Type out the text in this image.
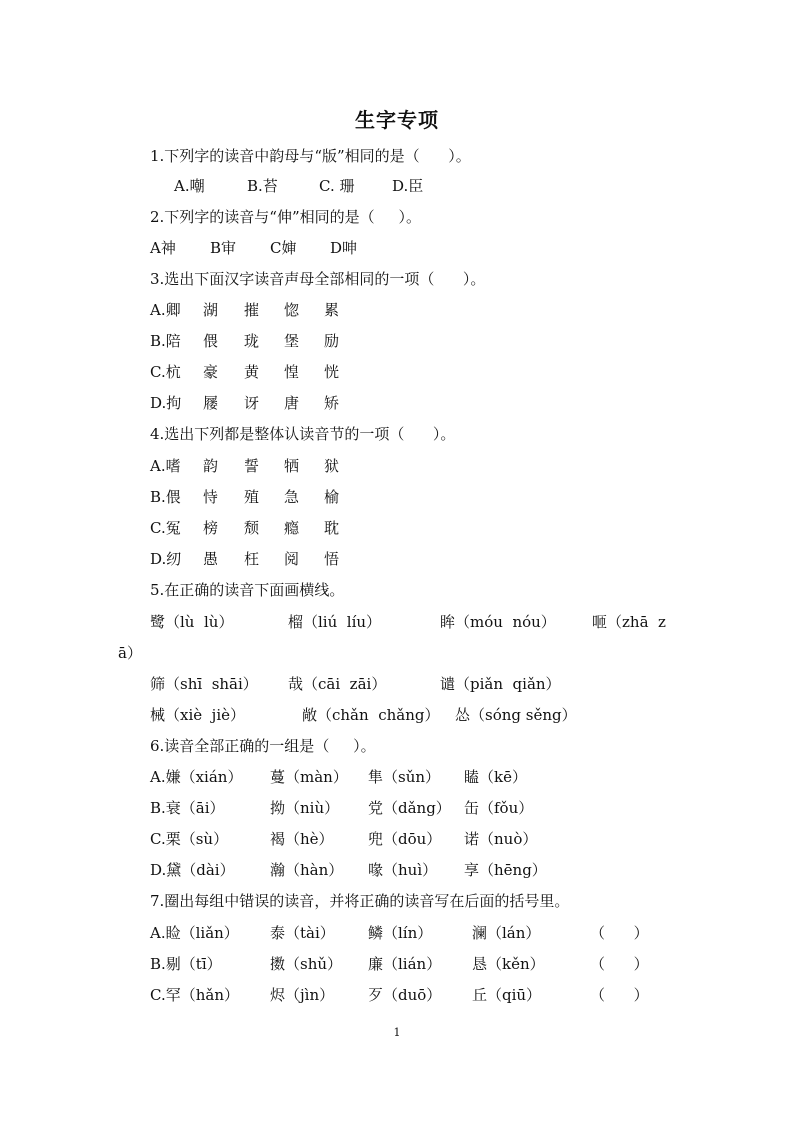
生字专项
1.下列字的读音中韵母与“版”相同的是（      ）。
A.嘲	B.苔	C. 珊	D.臣
2.下列字的读音与“伸”相同的是（     ）。
A神 B审 C婶 D呻
3.选出下面汉字读音声母全部相同的一项（      ）。
A.卿 湖 摧 惚 累
B.陪 偎 珑 堡 励
C.杭 豪 黄 惶 恍
D.拘 屦 讶 唐 矫
4.选出下列都是整体认读音节的一项（      ）。
A.嗜 韵 誓 牺 狱
B.偎 恃 殖 急 榆
C.冤 榜 颓 瘾 耽
D.纫 愚 枉 阅 悟
5.在正确的读音下面画横线。
鹭（lù  lù）	榴（liú  líu）	眸（móu  nóu） 咂（zhā  z
ā）
筛（shī  shāi） 哉（cāi  zāi）	谴（piǎn  qiǎn）
械（xiè  jiè）	敞（chǎn  chǎng） 怂（sóng sěng）
6.读音全部正确的一组是（     ）。
A.嫌（xián） 蔓（màn） 隼（sǔn） 瞌（kē）
B.衰（āi）	拗（niù） 党（dǎng） 缶（fǒu）
C.栗（sù）	褐（hè） 兜（dōu） 诺（nuò）
D.黛（dài） 瀚（hàn） 喙（huì） 享（hēng）
7.圈出每组中错误的读音，并将正确的读音写在后面的括号里。
A.睑（liǎn） 泰（tài） 鳞（lín）	澜（lán）	（      ）
B.剔（tī）	擞（shǔ） 廉（lián） 恳（kěn）	（      ）
C.罕（hǎn） 烬（jìn） 歹（duō） 丘（qiū）	（      ）
1
